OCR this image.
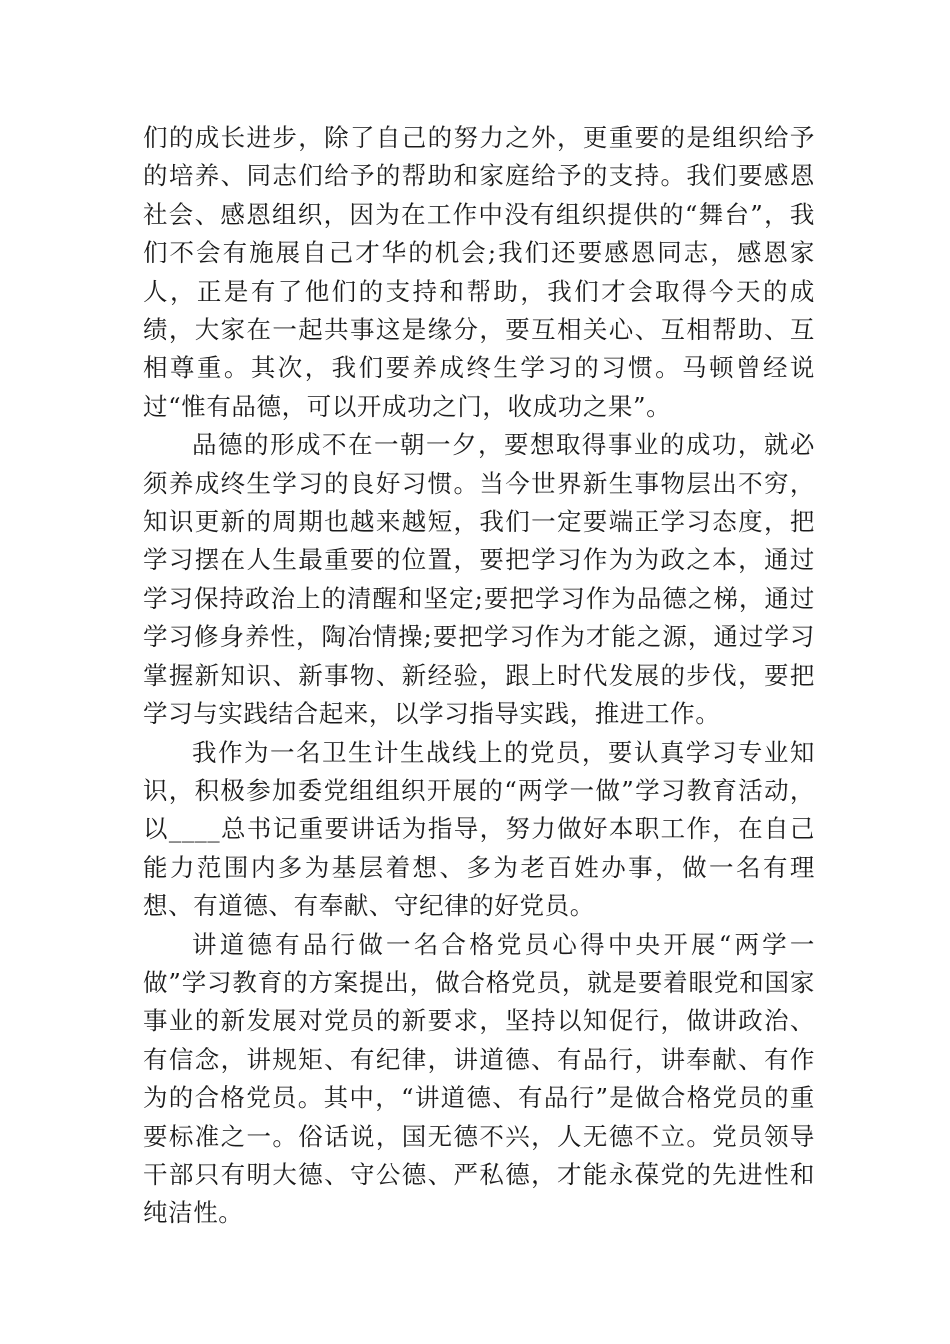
们的成长进步，除了自己的努力之外，更重要的是组织给予的培养、同志们给予的帮助和家庭给予的支持。我们要感恩社会、感恩组织，因为在工作中没有组织提供的“舞台”，我们不会有施展自己才华的机会;我们还要感恩同志，感恩家人，正是有了他们的支持和帮助，我们才会取得今天的成绩，大家在一起共事这是缘分，要互相关心、互相帮助、互相尊重。其次，我们要养成终生学习的习惯。马顿曾经说过“惟有品德，可以开成功之门，收成功之果”。

品德的形成不在一朝一夕，要想取得事业的成功，就必须养成终生学习的良好习惯。当今世界新生事物层出不穷，知识更新的周期也越来越短，我们一定要端正学习态度，把学习摆在人生最重要的位置，要把学习作为为政之本，通过学习保持政治上的清醒和坚定;要把学习作为品德之梯，通过学习修身养性，陶冶情操;要把学习作为才能之源，通过学习掌握新知识、新事物、新经验，跟上时代发展的步伐，要把学习与实践结合起来，以学习指导实践，推进工作。

我作为一名卫生计生战线上的党员，要认真学习专业知识，积极参加委党组组织开展的“两学一做”学习教育活动，以____总书记重要讲话为指导，努力做好本职工作，在自己能力范围内多为基层着想、多为老百姓办事，做一名有理想、有道德、有奉献、守纪律的好党员。

讲道德有品行做一名合格党员心得中央开展“两学一做”学习教育的方案提出，做合格党员，就是要着眼党和国家事业的新发展对党员的新要求，坚持以知促行，做讲政治、有信念，讲规矩、有纪律，讲道德、有品行，讲奉献、有作为的合格党员。其中，“讲道德、有品行”是做合格党员的重要标准之一。俗话说，国无德不兴，人无德不立。党员领导干部只有明大德、守公德、严私德，才能永葆党的先进性和纯洁性。
